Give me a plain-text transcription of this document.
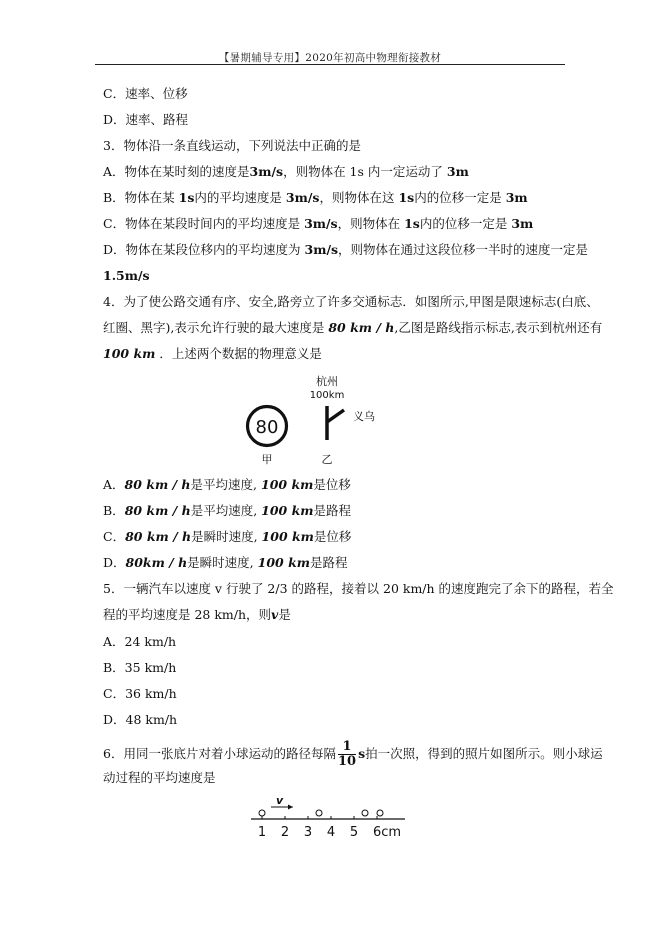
【暑期辅导专用】2020年初高中物理衔接教材
C．速率、位移
D．速率、路程
3．物体沿一条直线运动，下列说法中正确的是
A．物体在某时刻的速度是3m/s，则物体在 1s 内一定运动了 3m
B．物体在某 1s内的平均速度是 3m/s，则物体在这 1s内的位移一定是 3m
C．物体在某段时间内的平均速度是 3m/s，则物体在 1s内的位移一定是 3m
D．物体在某段位移内的平均速度为 3m/s，则物体在通过这段位移一半时的速度一定是
1.5m/s
4．为了使公路交通有序、安全,路旁立了许多交通标志．如图所示,甲图是限速标志(白底、
红圈、黑字),表示允许行驶的最大速度是 80 km / h,乙图是路线指示标志,表示到杭州还有
100 km ．上述两个数据的物理意义是
80
甲
杭州
100km
义乌
乙
A．80 km / h是平均速度, 100 km是位移
B．80 km / h是平均速度, 100 km是路程
C．80 km / h是瞬时速度, 100 km是位移
D．80km / h是瞬时速度, 100 km是路程
5．一辆汽车以速度 v 行驶了 2/3 的路程，接着以 20 km/h 的速度跑完了余下的路程，若全
程的平均速度是 28 km/h，则v是
A．24 km/h
B．35 km/h
C．36 km/h
D．48 km/h
6．用同一张底片对着小球运动的路径每隔 $\frac{1}{10}$ s拍一次照，得到的照片如图所示。则小球运
动过程的平均速度是
v
1 2 3 4 5 6cm
